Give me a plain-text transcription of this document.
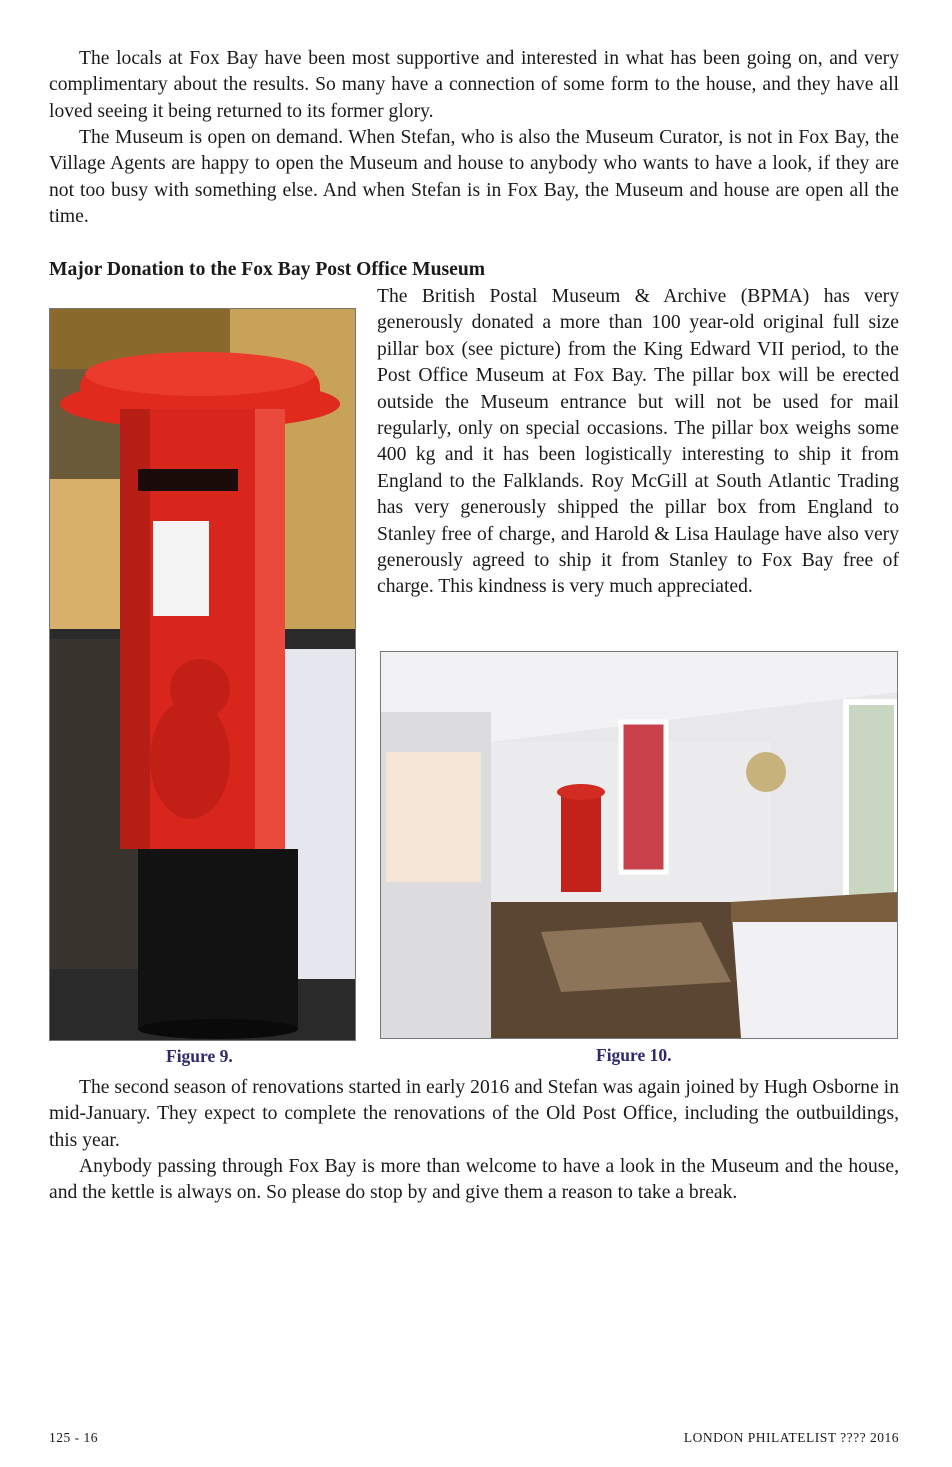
The locals at Fox Bay have been most supportive and interested in what has been going on, and very complimentary about the results. So many have a connection of some form to the house, and they have all loved seeing it being returned to its former glory.

The Museum is open on demand. When Stefan, who is also the Museum Curator, is not in Fox Bay, the Village Agents are happy to open the Museum and house to anybody who wants to have a look, if they are not too busy with something else. And when Stefan is in Fox Bay, the Museum and house are open all the time.

Major Donation to the Fox Bay Post Office Museum

The British Postal Museum & Archive (BPMA) has very generously donated a more than 100 year-old original full size pillar box (see picture) from the King Edward VII period, to the Post Office Museum at Fox Bay. The pillar box will be erected outside the Museum entrance but will not be used for mail regularly, only on special occasions. The pillar box weighs some 400 kg and it has been logistically interesting to ship it from England to the Falklands. Roy McGill at South Atlantic Trading has very generously shipped the pillar box from England to Stanley free of charge, and Harold & Lisa Haulage have also very generously agreed to ship it from Stanley to Fox Bay free of charge. This kindness is very much appreciated.

Figure 9.	Figure 10.

The second season of renovations started in early 2016 and Stefan was again joined by Hugh Osborne in mid-January. They expect to complete the renovations of the Old Post Office, including the outbuildings, this year.

Anybody passing through Fox Bay is more than welcome to have a look in the Museum and the house, and the kettle is always on. So please do stop by and give them a reason to take a break.

125 - 16	LONDON PHILATELIST ???? 2016
